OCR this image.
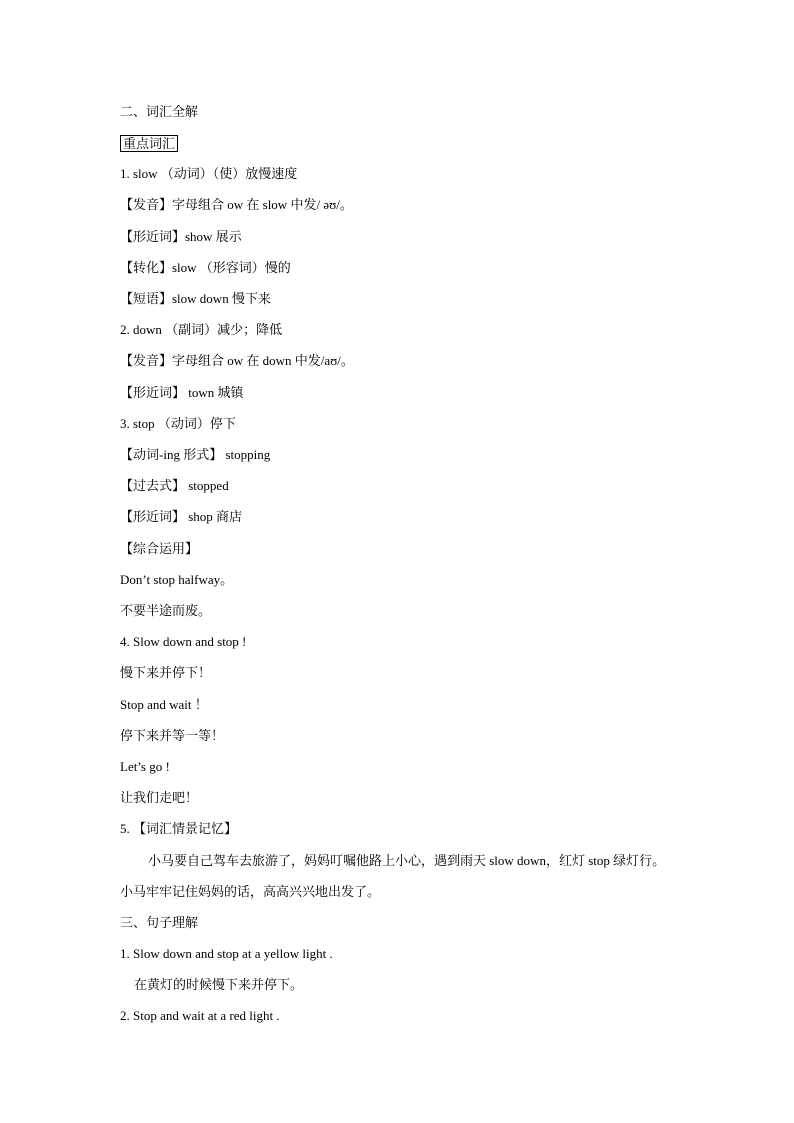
二、词汇全解
重点词汇
1. slow （动词）（使）放慢速度
【发音】字母组合 ow 在 slow 中发/ əʊ/。
【形近词】show 展示
【转化】slow （形容词）慢的
【短语】slow down 慢下来
2. down （副词）减少；降低
【发音】字母组合 ow 在 down 中发/aʊ/。
【形近词】 town 城镇
3. stop （动词）停下
【动词-ing 形式】 stopping
【过去式】 stopped
【形近词】 shop 商店
【综合运用】
Don’t stop halfway。
不要半途而废。
4. Slow down and stop !
慢下来并停下！
Stop and wait ！
停下来并等一等！
Let’s go !
让我们走吧！
5. 【词汇情景记忆】

小马要自己驾车去旅游了，妈妈叮嘱他路上小心，遇到雨天 slow down，红灯 stop 绿灯行。小马牢牢记住妈妈的话，高高兴兴地出发了。

三、句子理解
1. Slow down and stop at a yellow light .
在黄灯的时候慢下来并停下。
2. Stop and wait at a red light .
